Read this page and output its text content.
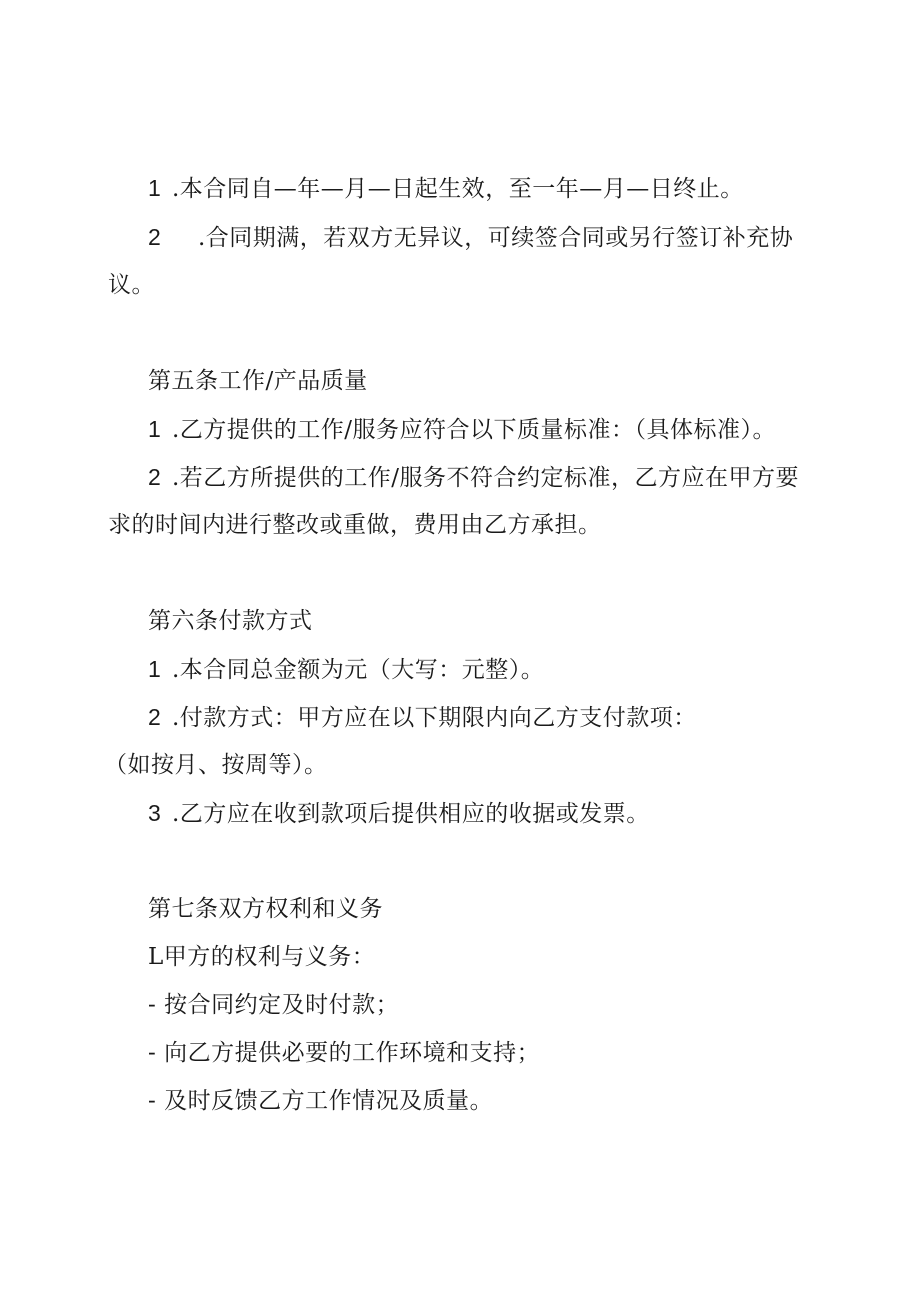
1 .本合同自—年—月—日起生效，至一年—月—日终止。
2 .合同期满，若双方无异议，可续签合同或另行签订补充协
议。
第五条工作/产品质量
1 .乙方提供的工作/服务应符合以下质量标准：（具体标准）。
2 .若乙方所提供的工作/服务不符合约定标准，乙方应在甲方要
求的时间内进行整改或重做，费用由乙方承担。
第六条付款方式
1 .本合同总金额为元（大写：元整）。
2 .付款方式：甲方应在以下期限内向乙方支付款项：
（如按月、按周等）。
3 .乙方应在收到款项后提供相应的收据或发票。
第七条双方权利和义务
L甲方的权利与义务：
- 按合同约定及时付款；
- 向乙方提供必要的工作环境和支持；
- 及时反馈乙方工作情况及质量。
